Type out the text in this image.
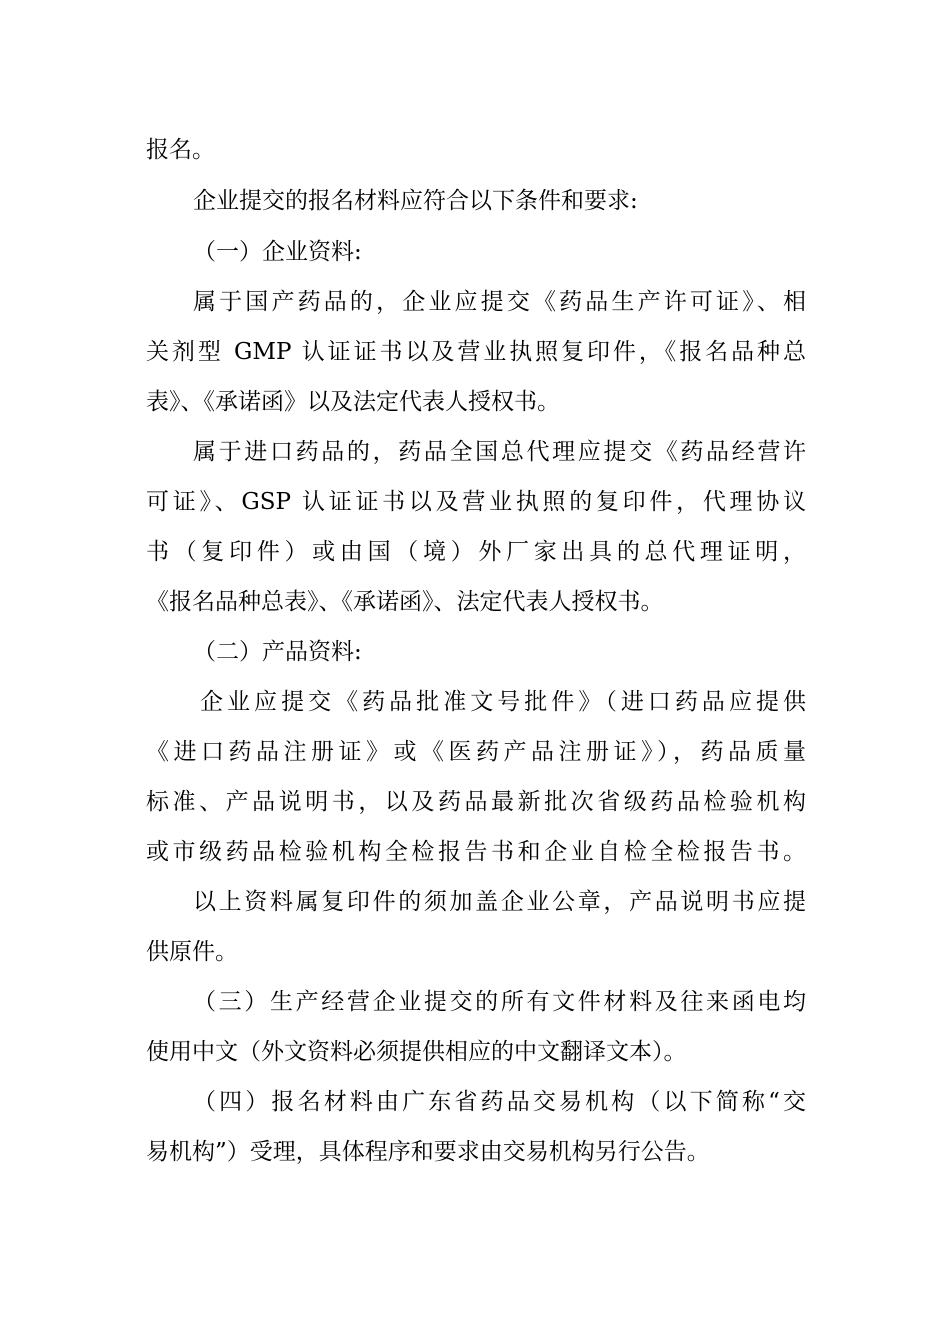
报名。
企业提交的报名材料应符合以下条件和要求:
（一）企业资料:
属于国产药品的，企业应提交《药品生产许可证》、相
关剂型 GMP 认证证书以及营业执照复印件，《报名品种总
表》、《承诺函》以及法定代表人授权书。
属于进口药品的，药品全国总代理应提交《药品经营许
可证》、GSP 认证证书以及营业执照的复印件，代理协议
书（复印件）或由国（境）外厂家出具的总代理证明，
《报名品种总表》、《承诺函》、法定代表人授权书。
（二）产品资料:
企业应提交《药品批准文号批件》（进口药品应提供
《进口药品注册证》或《医药产品注册证》），药品质量
标准、产品说明书，以及药品最新批次省级药品检验机构
或市级药品检验机构全检报告书和企业自检全检报告书。
以上资料属复印件的须加盖企业公章，产品说明书应提
供原件。
（三）生产经营企业提交的所有文件材料及往来函电均
使用中文（外文资料必须提供相应的中文翻译文本）。
（四）报名材料由广东省药品交易机构（以下简称“交
易机构”）受理，具体程序和要求由交易机构另行公告。
